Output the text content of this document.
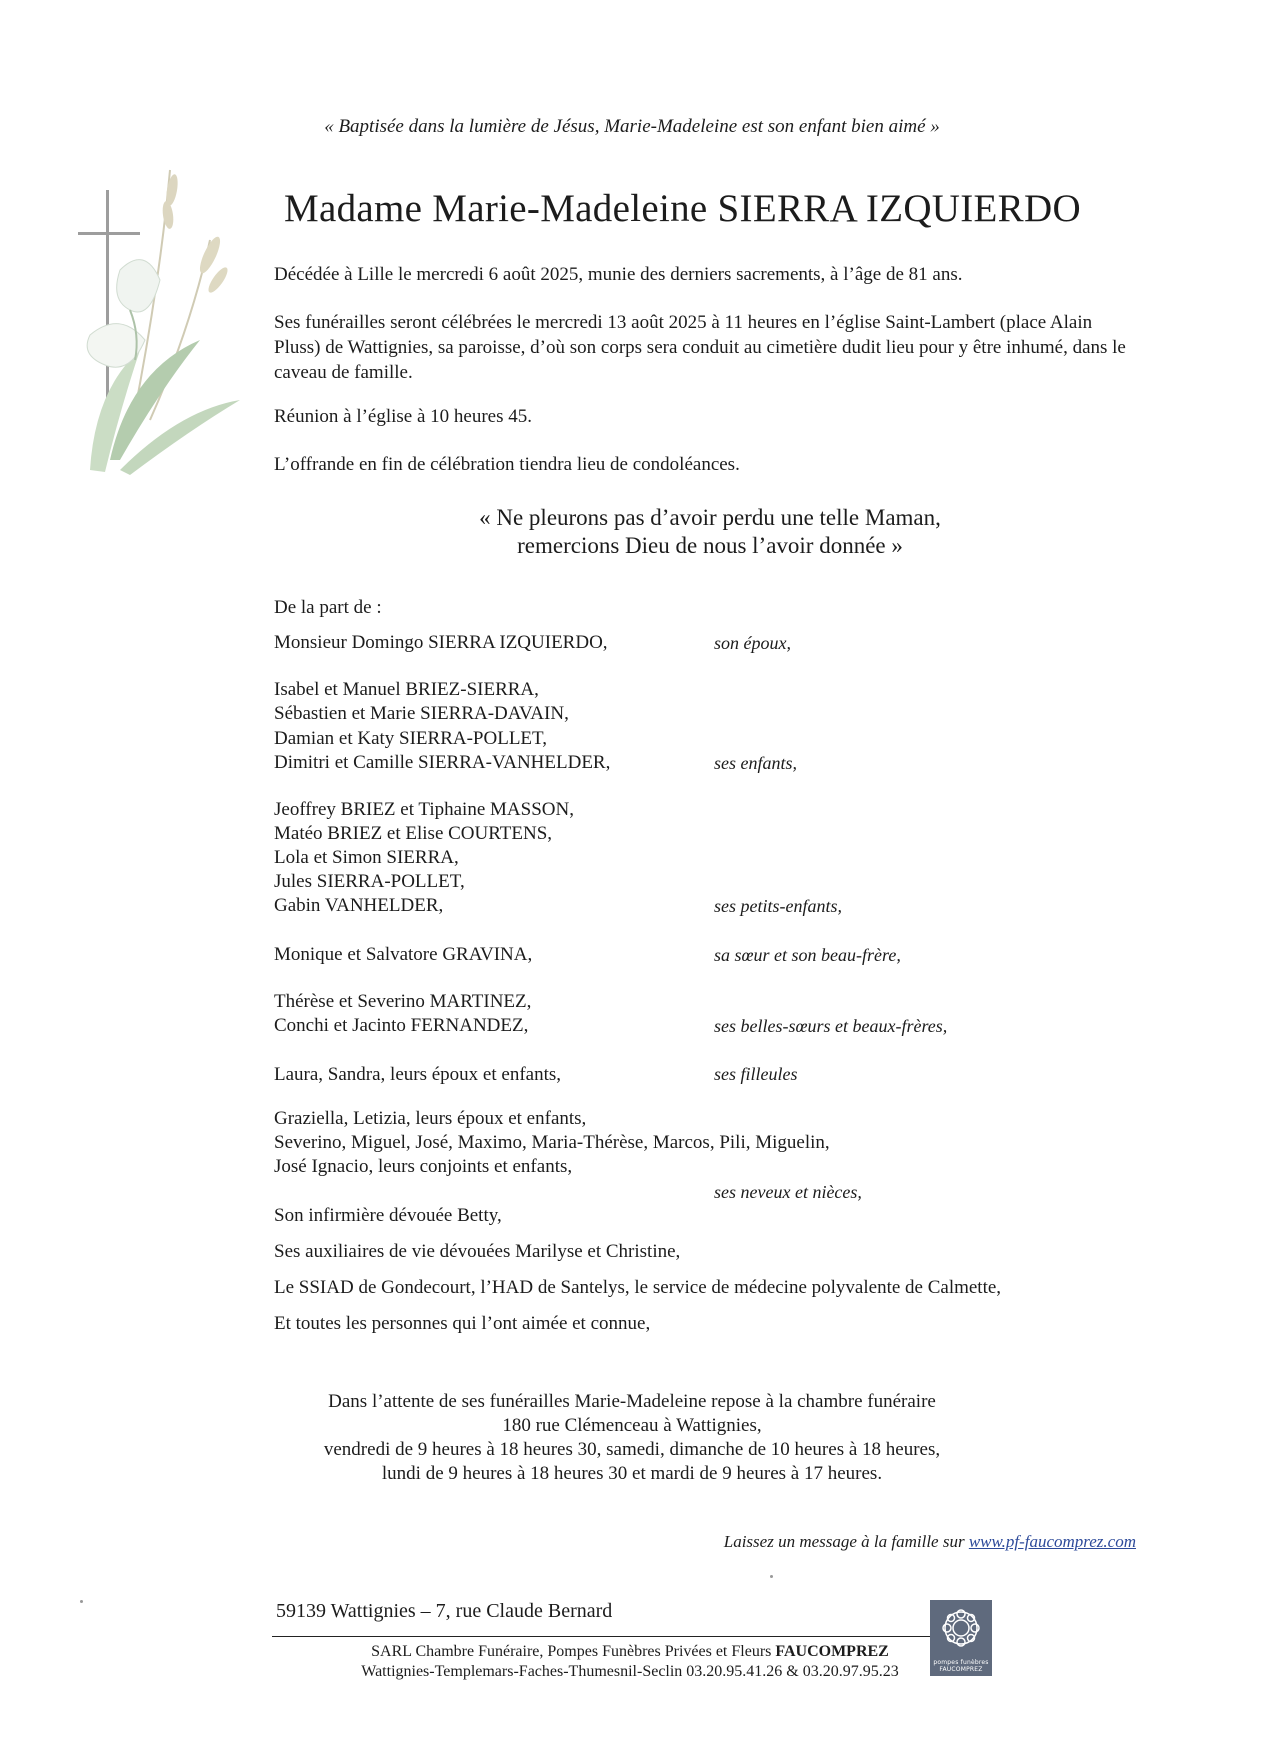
« Baptisée dans la lumière de Jésus, Marie-Madeleine est son enfant bien aimé »
Madame Marie-Madeleine SIERRA IZQUIERDO
Décédée à Lille le mercredi 6 août 2025, munie des derniers sacrements, à l’âge de 81 ans.
Ses funérailles seront célébrées le mercredi 13 août 2025 à 11 heures en l’église Saint-Lambert (place Alain Pluss) de Wattignies, sa paroisse, d’où son corps sera conduit au cimetière dudit lieu pour y être inhumé, dans le caveau de famille.
Réunion à l’église à 10 heures 45.
L’offrande en fin de célébration tiendra lieu de condoléances.
« Ne pleurons pas d’avoir perdu une telle Maman,
remercions Dieu de nous l’avoir donnée »
De la part de :
Monsieur Domingo SIERRA IZQUIERDO,
Isabel et Manuel BRIEZ-SIERRA,
Sébastien et Marie SIERRA-DAVAIN,
Damian et Katy SIERRA-POLLET,
Dimitri et Camille SIERRA-VANHELDER,
Jeoffrey BRIEZ et Tiphaine MASSON,
Matéo BRIEZ et Elise COURTENS,
Lola et Simon SIERRA,
Jules SIERRA-POLLET,
Gabin VANHELDER,
Monique et Salvatore GRAVINA,
Thérèse et Severino MARTINEZ,
Conchi et Jacinto FERNANDEZ,
Laura, Sandra, leurs époux et enfants,
Graziella, Letizia, leurs époux et enfants,
Severino, Miguel, José, Maximo, Maria-Thérèse, Marcos, Pili, Miguelin,
José Ignacio, leurs conjoints et enfants,
Son infirmière dévouée Betty,
Ses auxiliaires de vie dévouées Marilyse et Christine,
Le SSIAD de Gondecourt, l’HAD de Santelys, le service de médecine polyvalente de Calmette,
Et toutes les personnes qui l’ont aimée et connue,
son époux,
ses enfants,
ses petits-enfants,
sa sœur et son beau-frère,
ses belles-sœurs et beaux-frères,
ses filleules
ses neveux et nièces,
Dans l’attente de ses funérailles Marie-Madeleine repose à la chambre funéraire
180 rue Clémenceau à Wattignies,
vendredi de 9 heures à 18 heures 30, samedi, dimanche de 10 heures à 18 heures,
lundi de 9 heures à 18 heures 30 et mardi de 9 heures à 17 heures.
Laissez un message à la famille sur www.pf-faucomprez.com
59139 Wattignies – 7, rue Claude Bernard
SARL Chambre Funéraire, Pompes Funèbres Privées et Fleurs FAUCOMPREZ
Wattignies-Templemars-Faches-Thumesnil-Seclin 03.20.95.41.26 & 03.20.97.95.23
pompes funèbres
FAUCOMPREZ
